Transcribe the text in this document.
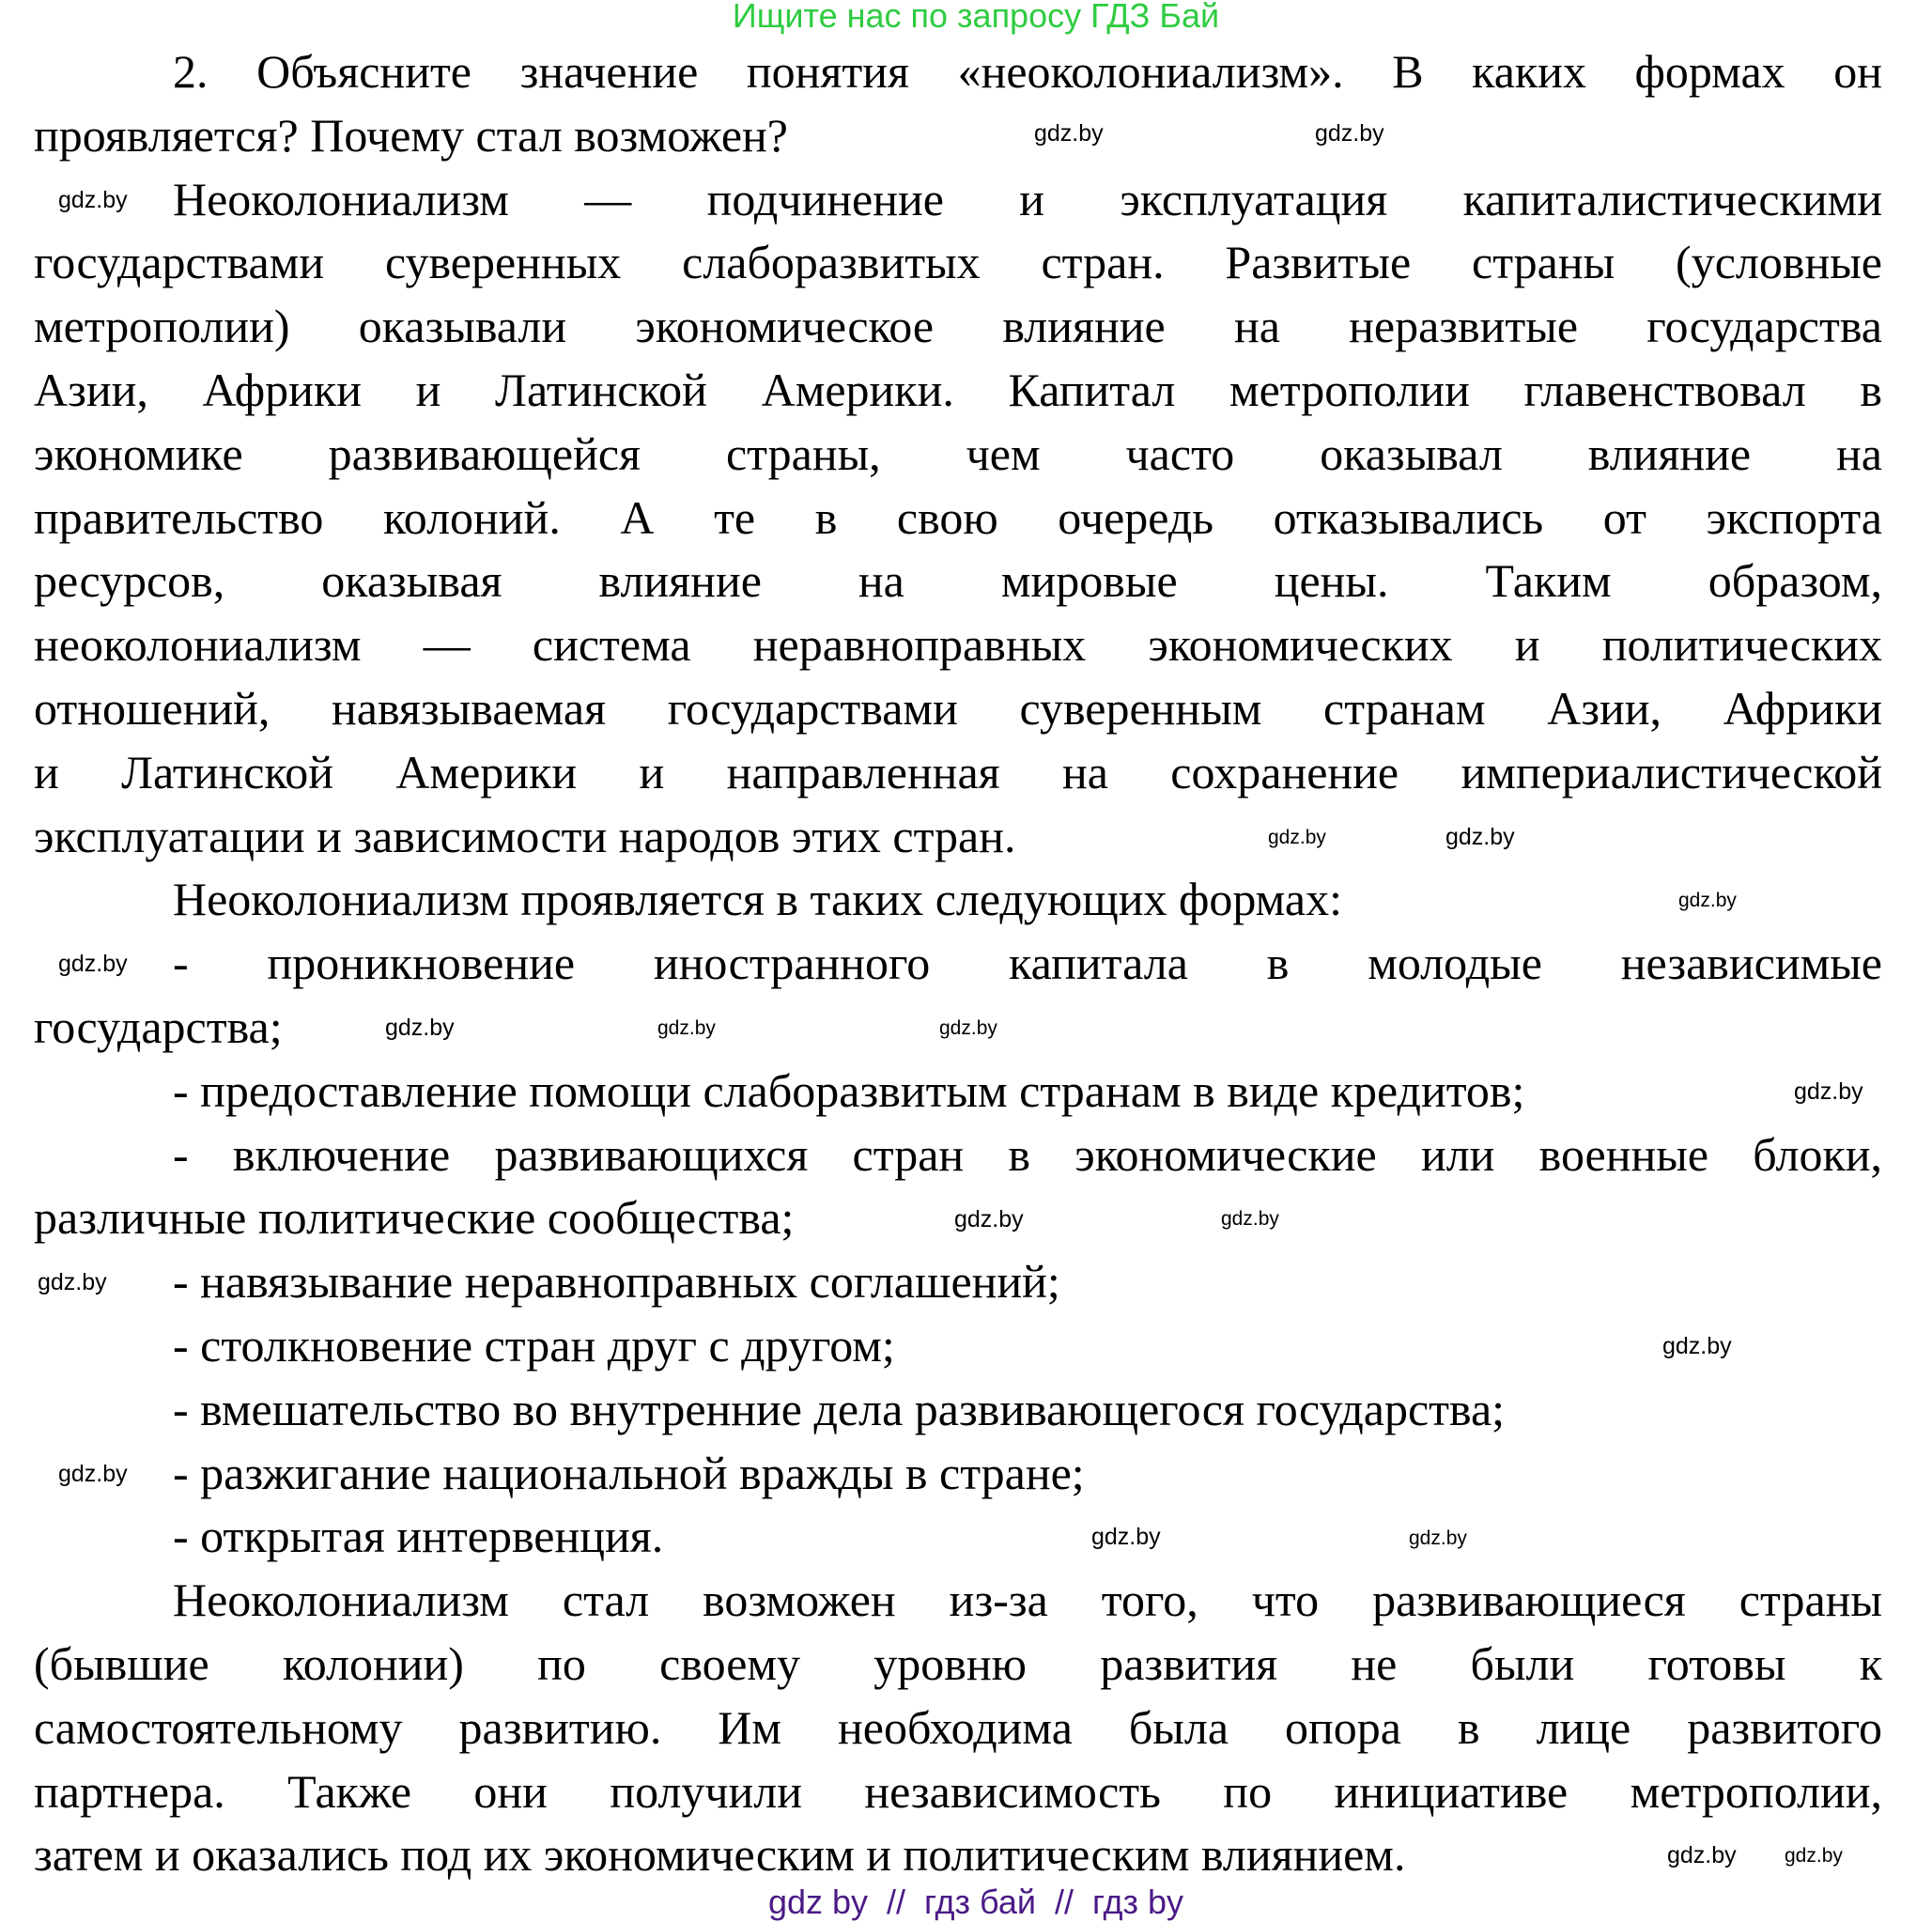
Ищите нас по запросу ГДЗ Бай
2. Объясните значение понятия «неоколониализм». В каких формах он
проявляется? Почему стал возможен?
Неоколониализм — подчинение и эксплуатация капиталистическими
государствами суверенных слаборазвитых стран. Развитые страны (условные
метрополии) оказывали экономическое влияние на неразвитые государства
Азии, Африки и Латинской Америки. Капитал метрополии главенствовал в
экономике развивающейся страны, чем часто оказывал влияние на
правительство колоний. А те в свою очередь отказывались от экспорта
ресурсов, оказывая влияние на мировые цены. Таким образом,
неоколониализм — система неравноправных экономических и политических
отношений, навязываемая государствами суверенным странам Азии, Африки
и Латинской Америки и направленная на сохранение империалистической
эксплуатации и зависимости народов этих стран.
Неоколониализм проявляется в таких следующих формах:
- проникновение иностранного капитала в молодые независимые
государства;
- предоставление помощи слаборазвитым странам в виде кредитов;
- включение развивающихся стран в экономические или военные блоки,
различные политические сообщества;
- навязывание неравноправных соглашений;
- столкновение стран друг с другом;
- вмешательство во внутренние дела развивающегося государства;
- разжигание национальной вражды в стране;
- открытая интервенция.
Неоколониализм стал возможен из-за того, что развивающиеся страны
(бывшие колонии) по своему уровню развития не были готовы к
самостоятельному развитию. Им необходима была опора в лице развитого
партнера. Также они получили независимость по инициативе метрополии,
затем и оказались под их экономическим и политическим влиянием.
gdz.by	gdz.by
gdz.by
gdz.by
gdz.by	gdz.by
gdz.by
gdz.by
gdz.by
gdz.by
gdz.by
gdz.by
gdz.by
gdz.by
gdz.by
gdz.by
gdz.by	gdz.by
gdz.by
gdz.by
gdz by  //  гдз бай  //  гдз by
